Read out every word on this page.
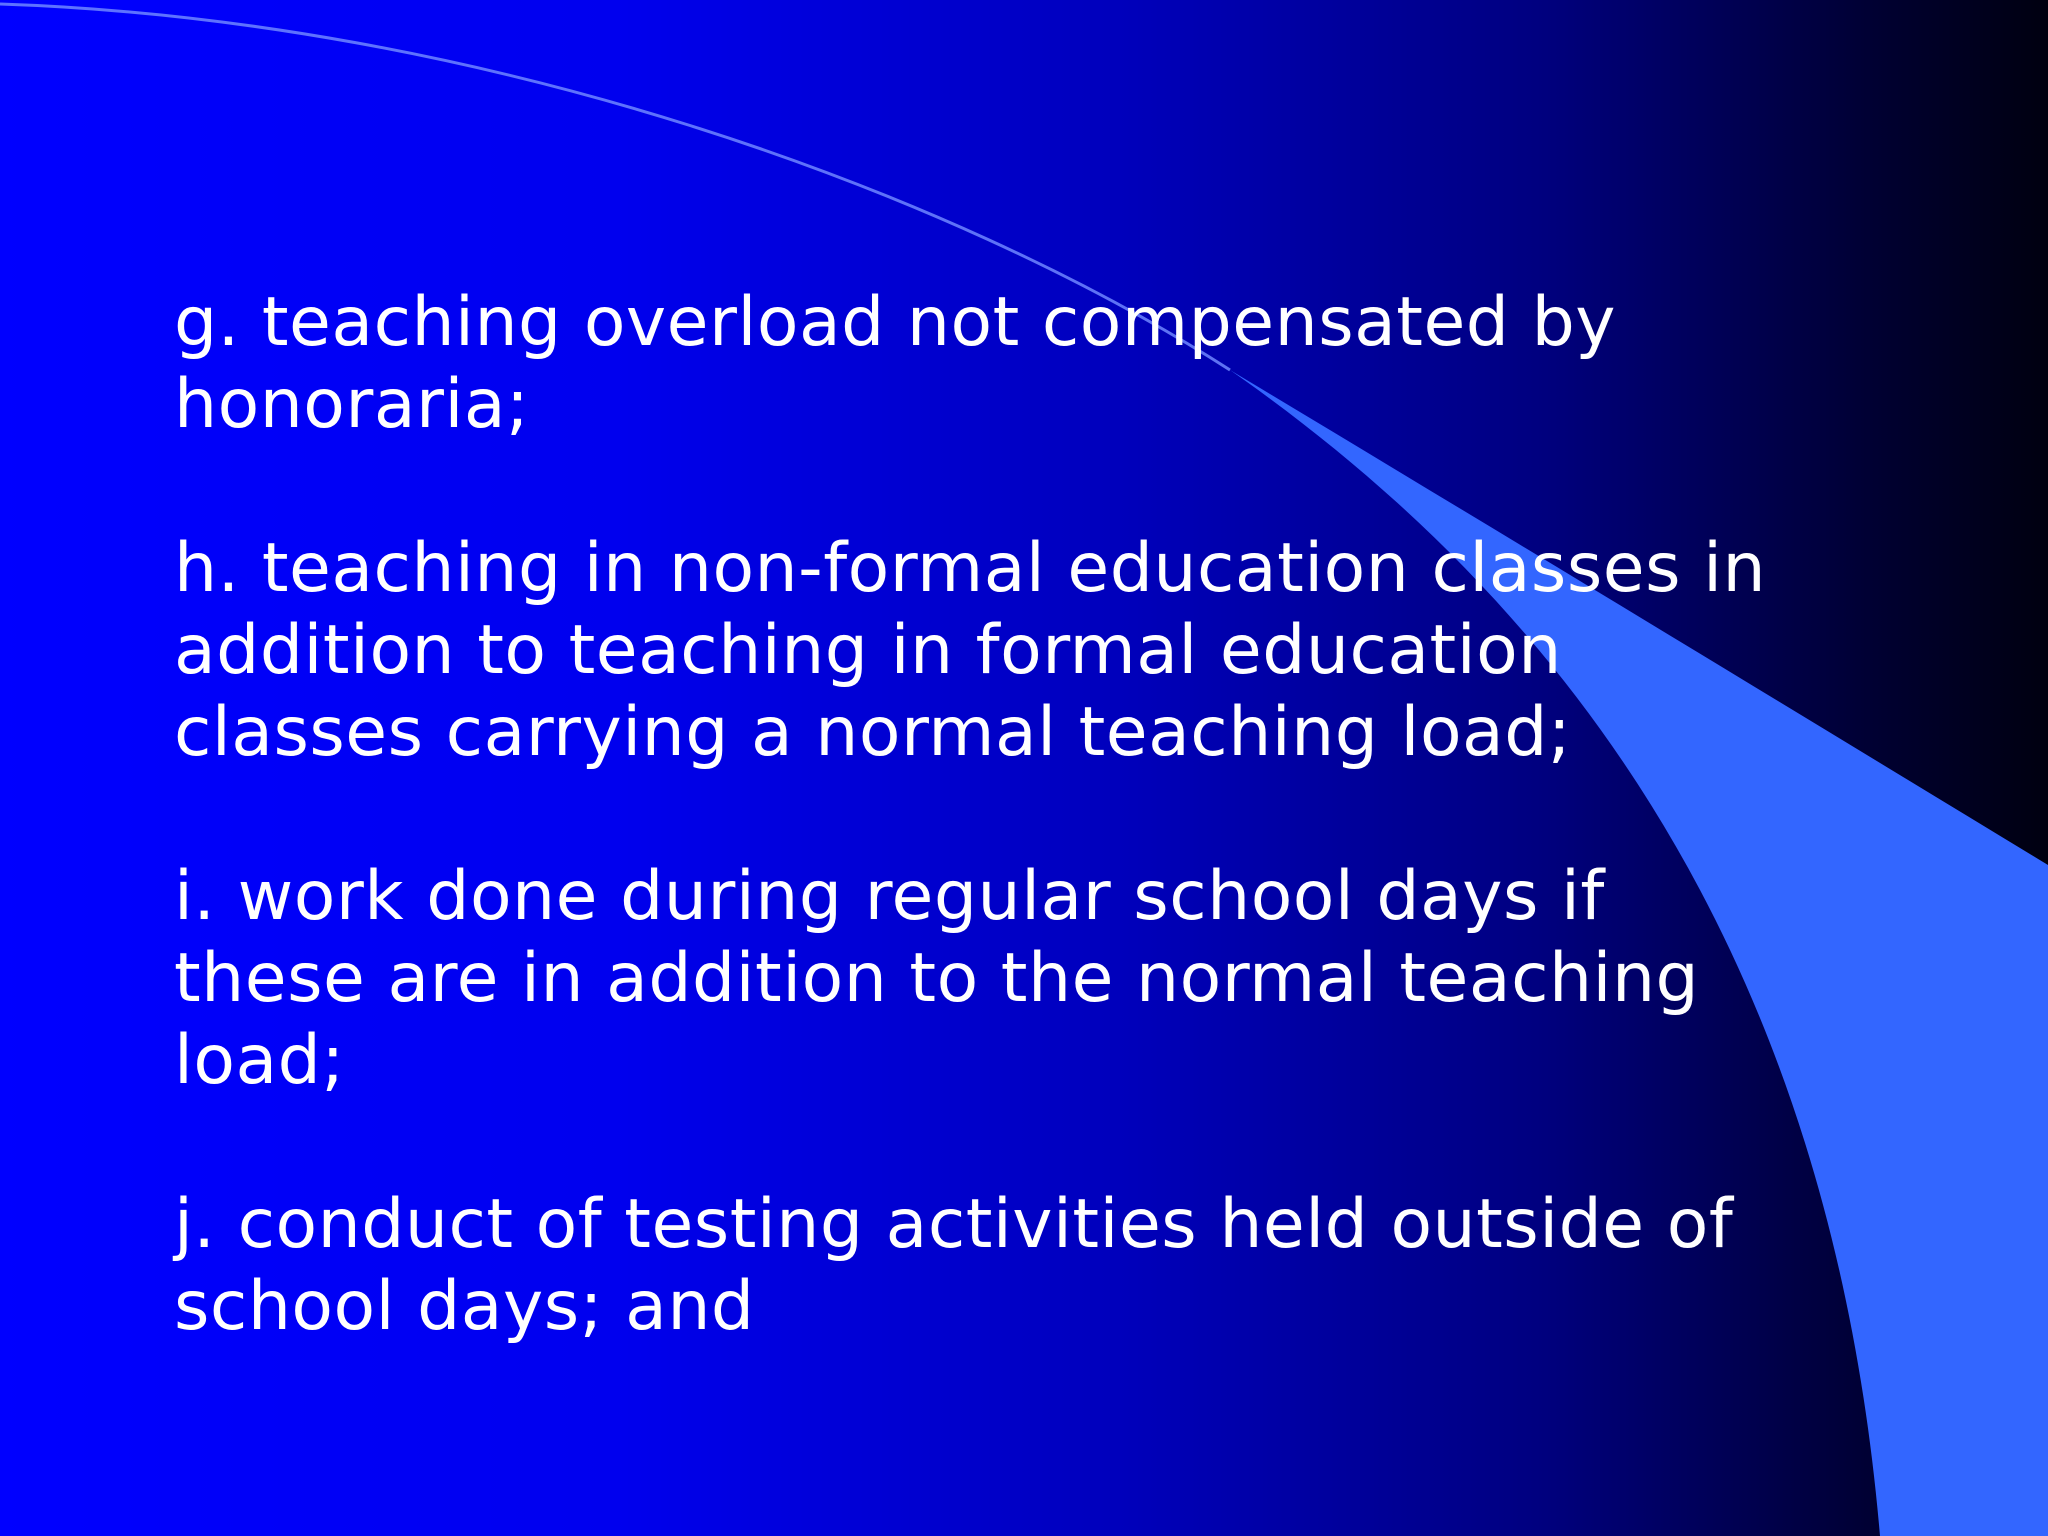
g. teaching overload not compensated by honoraria;
h. teaching in non-formal education classes in addition to teaching in formal education classes carrying a normal teaching load;
i. work done during regular school days if these are in addition to the normal teaching load;
j. conduct of testing activities held outside of school days; and
